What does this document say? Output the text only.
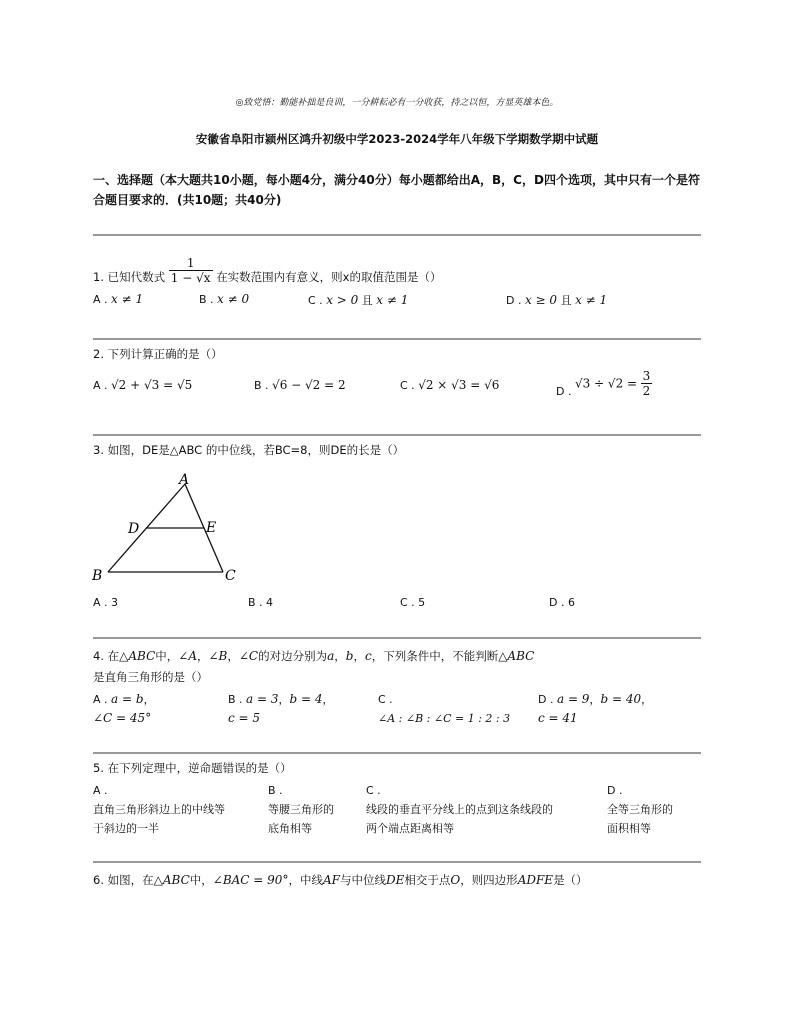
◎致党悟：勤能补拙是良训，一分耕耘必有一分收获，持之以恒，方显英雄本色。
安徽省阜阳市颍州区鸿升初级中学2023-2024学年八年级下学期数学期中试题
一、选择题（本大题共10小题，每小题4分，满分40分）每小题都给出A，B，C，D四个选项，其中只有一个是符合题目要求的．(共10题；共40分)
1. 已知代数式 $\frac{1}{1 - √x}$ 在实数范围内有意义，则x的取值范围是（）
A . x ≠ 1	B . x ≠ 0	C . x > 0 且 x ≠ 1	D . x ≥ 0 且 x ≠ 1
2. 下列计算正确的是（）
A . √2 + √3 = √5	B . √6 − √2 = 2	C . √2 × √3 = √6	D . $√3 \div √2 = \frac{3}{2}$
3. 如图，DE是△ABC 的中位线，若BC=8，则DE的长是（）
A
B	C
D	E
A . 3	B . 4	C . 5	D . 6
4. 在△ABC中，∠A，∠B，∠C的对边分别为a，b，c，下列条件中，不能判断△ABC
是直角三角形的是（）
A . a = b，
∠C = 45°
B . a = 3，b = 4，
c = 5
C .
∠A : ∠B : ∠C = 1 : 2 : 3
D . a = 9，b = 40，
c = 41
5. 在下列定理中，逆命题错误的是（）
A .
直角三角形斜边上的中线等
于斜边的一半
B .
等腰三角形的
底角相等
C .
线段的垂直平分线上的点到这条线段的
两个端点距离相等
D .
全等三角形的
面积相等
6. 如图，在△ABC中，∠BAC = 90°，中线AF与中位线DE相交于点O，则四边形ADFE是（）
